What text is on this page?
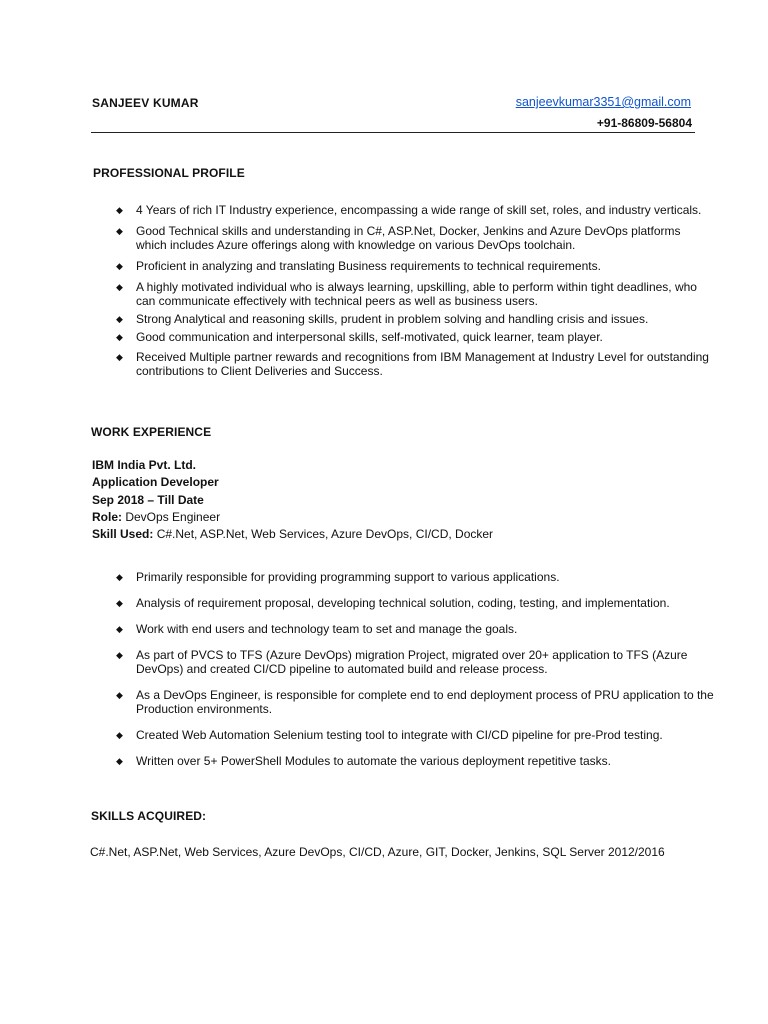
SANJEEV KUMAR	sanjeevkumar3351@gmail.com
+91-86809-56804
PROFESSIONAL PROFILE
◆ 4 Years of rich IT Industry experience, encompassing a wide range of skill set, roles, and industry verticals.
◆ Good Technical skills and understanding in C#, ASP.Net, Docker, Jenkins and Azure DevOps platforms which includes Azure offerings along with knowledge on various DevOps toolchain.
◆ Proficient in analyzing and translating Business requirements to technical requirements.
◆ A highly motivated individual who is always learning, upskilling, able to perform within tight deadlines, who can communicate effectively with technical peers as well as business users.
◆ Strong Analytical and reasoning skills, prudent in problem solving and handling crisis and issues.
◆ Good communication and interpersonal skills, self-motivated, quick learner, team player.
◆ Received Multiple partner rewards and recognitions from IBM Management at Industry Level for outstanding contributions to Client Deliveries and Success.
WORK EXPERIENCE
IBM India Pvt. Ltd.
Application Developer
Sep 2018 – Till Date
Role: DevOps Engineer
Skill Used: C#.Net, ASP.Net, Web Services, Azure DevOps, CI/CD, Docker
◆ Primarily responsible for providing programming support to various applications.
◆ Analysis of requirement proposal, developing technical solution, coding, testing, and implementation.
◆ Work with end users and technology team to set and manage the goals.
◆ As part of PVCS to TFS (Azure DevOps) migration Project, migrated over 20+ application to TFS (Azure DevOps) and created CI/CD pipeline to automated build and release process.
◆ As a DevOps Engineer, is responsible for complete end to end deployment process of PRU application to the Production environments.
◆ Created Web Automation Selenium testing tool to integrate with CI/CD pipeline for pre-Prod testing.
◆ Written over 5+ PowerShell Modules to automate the various deployment repetitive tasks.
SKILLS ACQUIRED:
C#.Net, ASP.Net, Web Services, Azure DevOps, CI/CD, Azure, GIT, Docker, Jenkins, SQL Server 2012/2016
